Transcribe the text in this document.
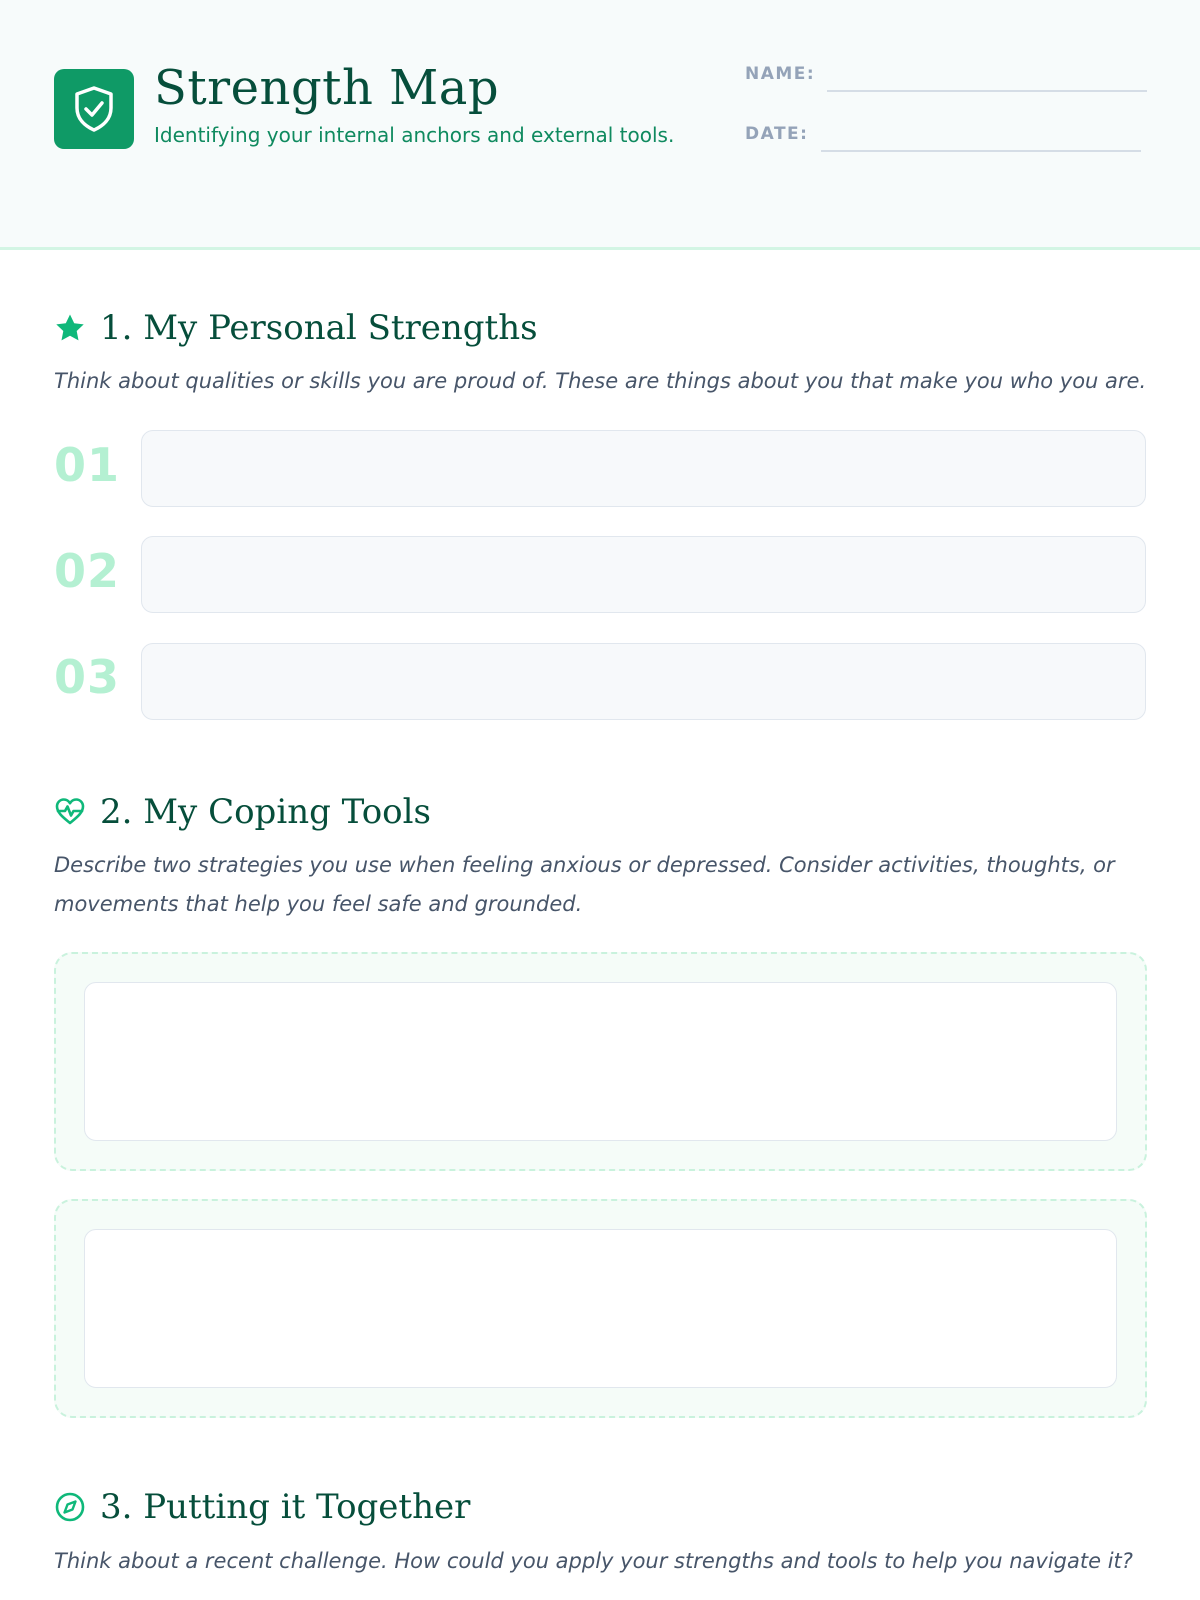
Strength Map
Identifying your internal anchors and external tools.
NAME:
DATE:
1. My Personal Strengths
Think about qualities or skills you are proud of. These are things about you that make you who you are.
01
02
03
2. My Coping Tools
Describe two strategies you use when feeling anxious or depressed. Consider activities, thoughts, or movements that help you feel safe and grounded.
3. Putting it Together
Think about a recent challenge. How could you apply your strengths and tools to help you navigate it?
